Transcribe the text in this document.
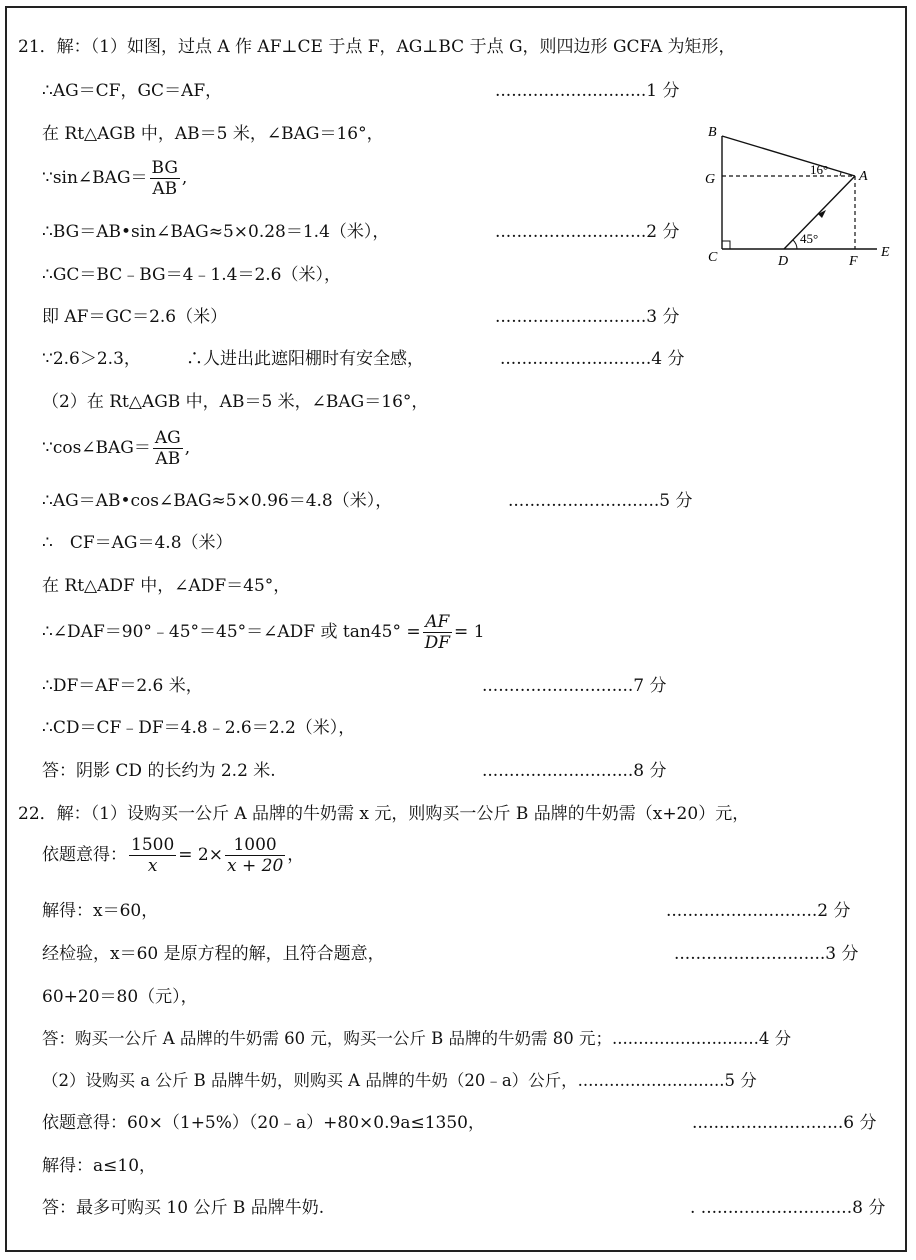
21．解：（1）如图，过点 A 作 AF⊥CE 于点 F，AG⊥BC 于点 G，则四边形 GCFA 为矩形，
∴AG＝CF，GC＝AF，	............................1 分
在 Rt△AGB 中，AB＝5 米，∠BAG＝16°，
∵sin∠BAG＝ $\frac{BG}{AB}$ ,
∴BG＝AB•sin∠BAG≈5×0.28＝1.4（米），	............................2 分
∴GC＝BC﹣BG＝4﹣1.4＝2.6（米），
即 AF＝GC＝2.6（米）	............................3 分
∵2.6＞2.3，	∴人进出此遮阳棚时有安全感，	............................4 分
（2）在 Rt△AGB 中，AB＝5 米，∠BAG＝16°，
∵cos∠BAG＝ $\frac{AG}{AB}$ ,
∴AG＝AB•cos∠BAG≈5×0.96＝4.8（米），	............................5 分
∴　CF＝AG＝4.8（米）
在 Rt△ADF 中，∠ADF＝45°，
∴∠DAF＝90°﹣45°＝45°＝∠ADF 或 $\tan 45^\circ = \frac{AF}{DF} = 1$
∴DF＝AF＝2.6 米，	............................7 分
∴CD＝CF﹣DF＝4.8﹣2.6＝2.2（米），
答：阴影 CD 的长约为 2.2 米.	............................8 分
B
G
C	D	F
A
E
16°
45°
22．解：（1）设购买一公斤 A 品牌的牛奶需 x 元，则购买一公斤 B 品牌的牛奶需（x+20）元，
依题意得： $\frac{1500}{x} = 2\times \frac{1000}{x + 20}$ ，
解得：x＝60，	............................2 分
经检验，x＝60 是原方程的解，且符合题意，	............................3 分
60+20＝80（元），
答：购买一公斤 A 品牌的牛奶需 60 元，购买一公斤 B 品牌的牛奶需 80 元；............................4 分
（2）设购买 a 公斤 B 品牌牛奶，则购买 A 品牌的牛奶（20﹣a）公斤，............................5 分
依题意得：60×（1+5%）（20﹣a）+80×0.9a≤1350，	............................6 分
解得：a≤10，
答：最多可购买 10 公斤 B 品牌牛奶.	. ............................8 分
